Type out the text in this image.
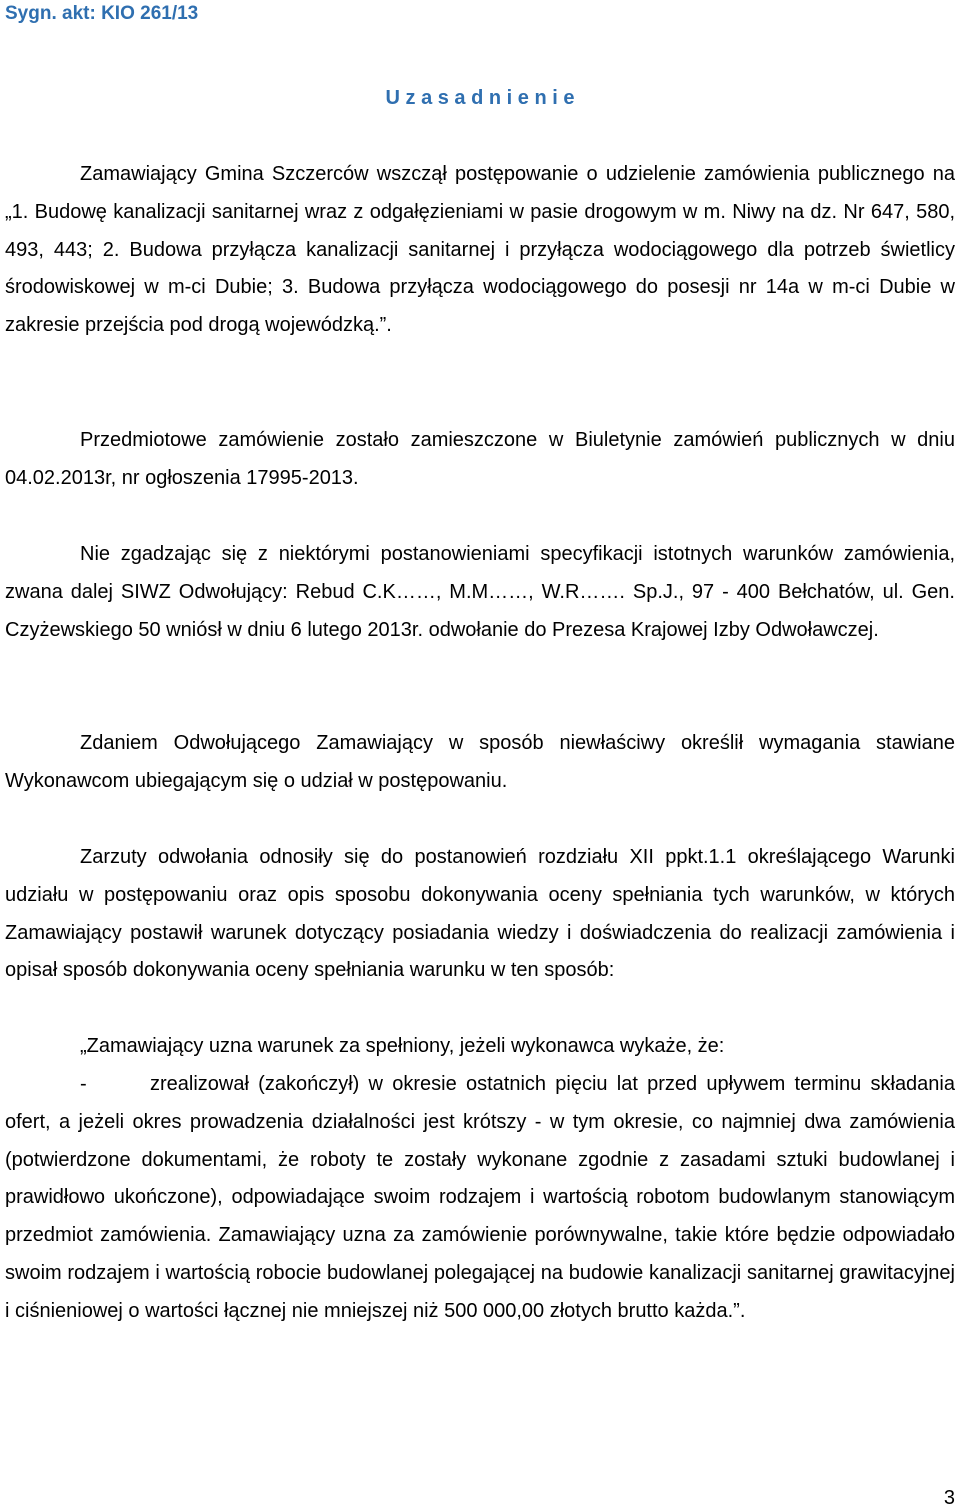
Sygn. akt: KIO 261/13
U z a s a d n i e n i e

Zamawiający Gmina Szczerców wszczął postępowanie o udzielenie zamówienia publicznego na „1. Budowę kanalizacji sanitarnej wraz z odgałęzieniami w pasie drogowym w m. Niwy na dz. Nr 647, 580, 493, 443; 2. Budowa przyłącza kanalizacji sanitarnej i przyłącza wodociągowego dla potrzeb świetlicy środowiskowej w m-ci Dubie; 3. Budowa przyłącza wodociągowego do posesji nr 14a w m-ci Dubie w zakresie przejścia pod drogą wojewódzką.”.

Przedmiotowe zamówienie zostało zamieszczone w Biuletynie zamówień publicznych w dniu 04.02.2013r, nr ogłoszenia 17995-2013.

Nie zgadzając się z niektórymi postanowieniami specyfikacji istotnych warunków zamówienia, zwana dalej SIWZ Odwołujący: Rebud C.K……, M.M……, W.R……. Sp.J., 97 - 400 Bełchatów, ul. Gen. Czyżewskiego 50 wniósł w dniu 6 lutego 2013r. odwołanie do Prezesa Krajowej Izby Odwoławczej.

Zdaniem Odwołującego Zamawiający w sposób niewłaściwy określił wymagania stawiane Wykonawcom ubiegającym się o udział w postępowaniu.

Zarzuty odwołania odnosiły się do postanowień rozdziału XII ppkt.1.1 określającego Warunki udziału w postępowaniu oraz opis sposobu dokonywania oceny spełniania tych warunków, w których Zamawiający postawił warunek dotyczący posiadania wiedzy i doświadczenia do realizacji zamówienia i opisał sposób dokonywania oceny spełniania warunku w ten sposób:

„Zamawiający uzna warunek za spełniony, jeżeli wykonawca wykaże, że:

-	zrealizował (zakończył) w okresie ostatnich pięciu lat przed upływem terminu składania ofert, a jeżeli okres prowadzenia działalności jest krótszy - w tym okresie, co najmniej dwa zamówienia (potwierdzone dokumentami, że roboty te zostały wykonane zgodnie z zasadami sztuki budowlanej i prawidłowo ukończone), odpowiadające swoim rodzajem i wartością robotom budowlanym stanowiącym przedmiot zamówienia. Zamawiający uzna za zamówienie porównywalne, takie które będzie odpowiadało swoim rodzajem i wartością robocie budowlanej polegającej na budowie kanalizacji sanitarnej grawitacyjnej i ciśnieniowej o wartości łącznej nie mniejszej niż 500 000,00 złotych brutto każda.”.
3
